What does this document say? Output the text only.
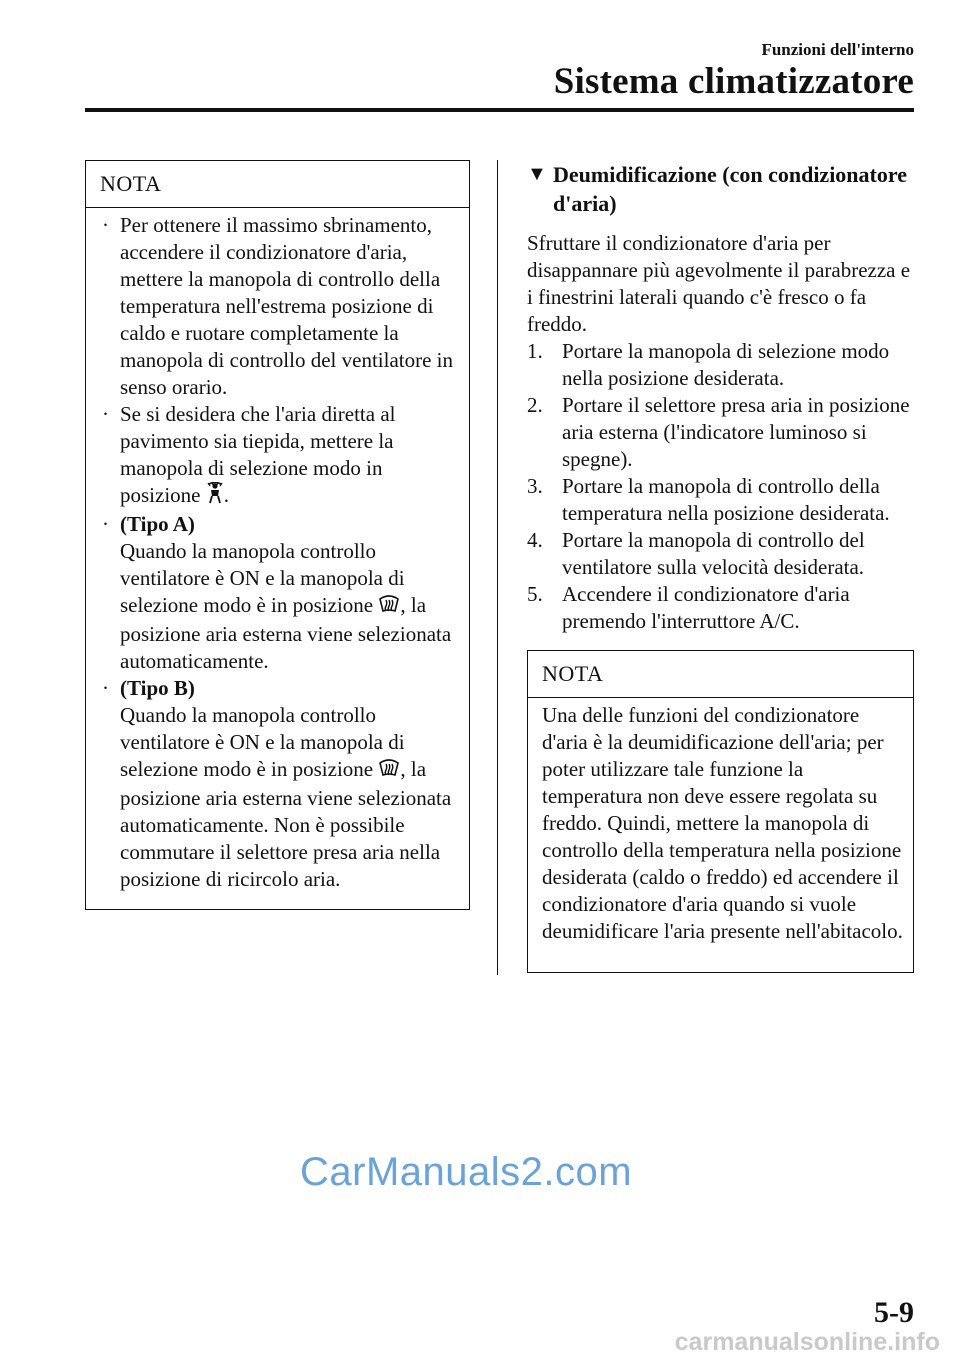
Funzioni dell'interno
Sistema climatizzatore
NOTA
· Per ottenere il massimo sbrinamento, accendere il condizionatore d'aria, mettere la manopola di controllo della temperatura nell'estrema posizione di caldo e ruotare completamente la manopola di controllo del ventilatore in senso orario.
· Se si desidera che l'aria diretta al pavimento sia tiepida, mettere la manopola di selezione modo in posizione .
· (Tipo A)
Quando la manopola controllo ventilatore è ON e la manopola di selezione modo è in posizione , la posizione aria esterna viene selezionata automaticamente.
· (Tipo B)
Quando la manopola controllo ventilatore è ON e la manopola di selezione modo è in posizione , la posizione aria esterna viene selezionata automaticamente. Non è possibile commutare il selettore presa aria nella posizione di ricircolo aria.
▼ Deumidificazione (con condizionatore d'aria)
Sfruttare il condizionatore d'aria per disappannare più agevolmente il parabrezza e i finestrini laterali quando c'è fresco o fa freddo.
1. Portare la manopola di selezione modo nella posizione desiderata.
2. Portare il selettore presa aria in posizione aria esterna (l'indicatore luminoso si spegne).
3. Portare la manopola di controllo della temperatura nella posizione desiderata.
4. Portare la manopola di controllo del ventilatore sulla velocità desiderata.
5. Accendere il condizionatore d'aria premendo l'interruttore A/C.
NOTA
Una delle funzioni del condizionatore d'aria è la deumidificazione dell'aria; per poter utilizzare tale funzione la temperatura non deve essere regolata su freddo. Quindi, mettere la manopola di controllo della temperatura nella posizione desiderata (caldo o freddo) ed accendere il condizionatore d'aria quando si vuole deumidificare l'aria presente nell'abitacolo.
CarManuals2.com
5-9
carmanualsonline.info
